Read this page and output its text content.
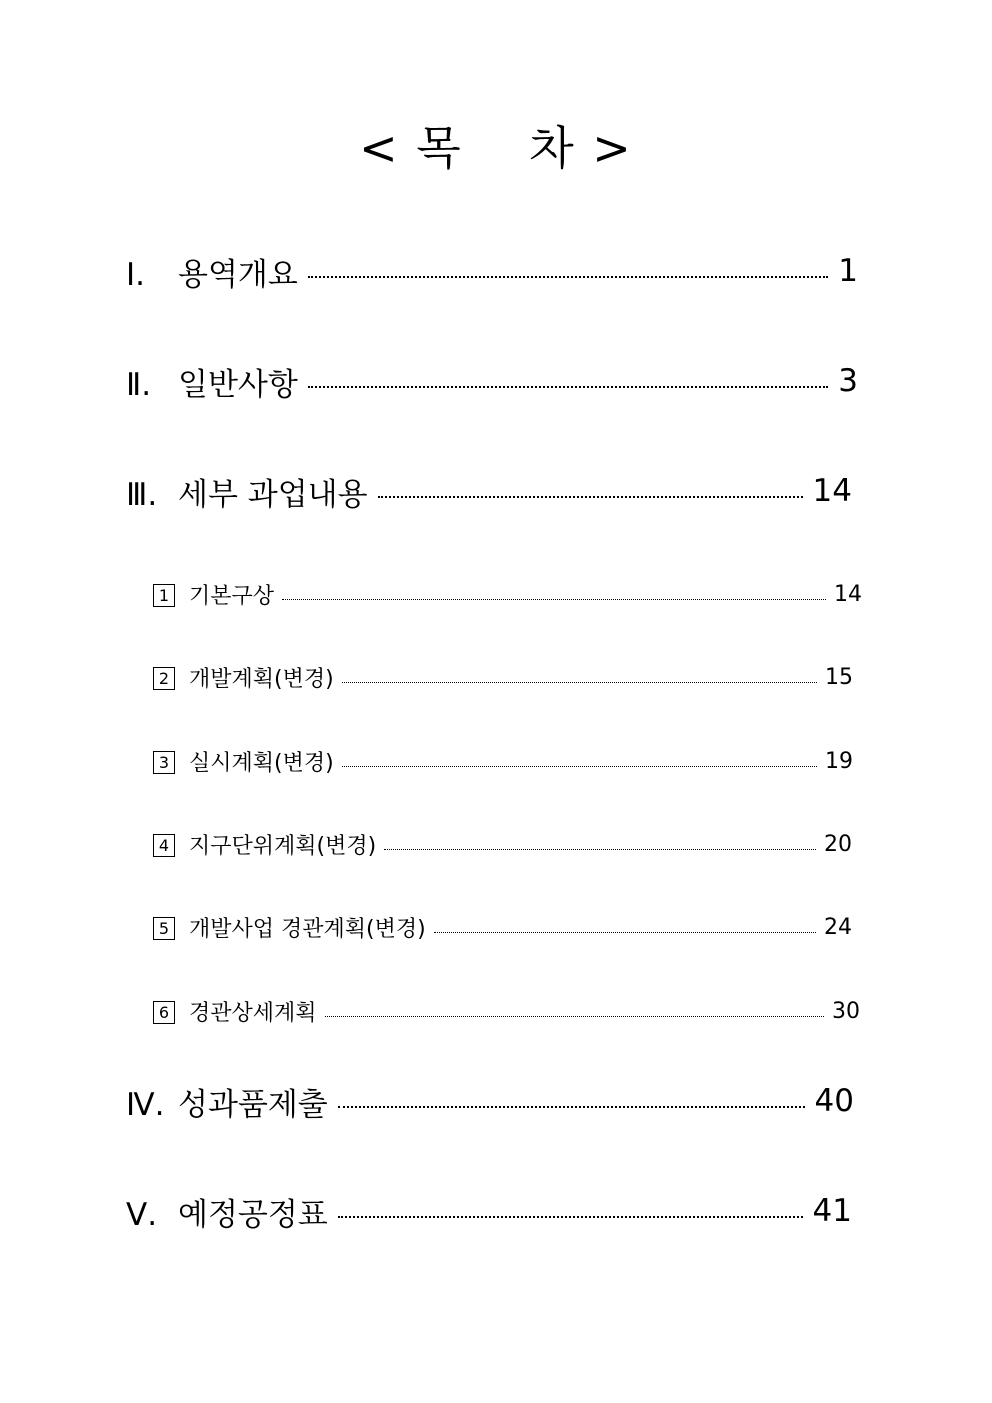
< 목    차 >
Ⅰ. 용역개요	1
Ⅱ. 일반사항	3
Ⅲ. 세부 과업내용	14
1 기본구상	14
2 개발계획(변경)	15
3 실시계획(변경)	19
4 지구단위계획(변경)	20
5 개발사업 경관계획(변경)	24
6 경관상세계획	30
Ⅳ. 성과품제출	40
Ⅴ. 예정공정표	41
